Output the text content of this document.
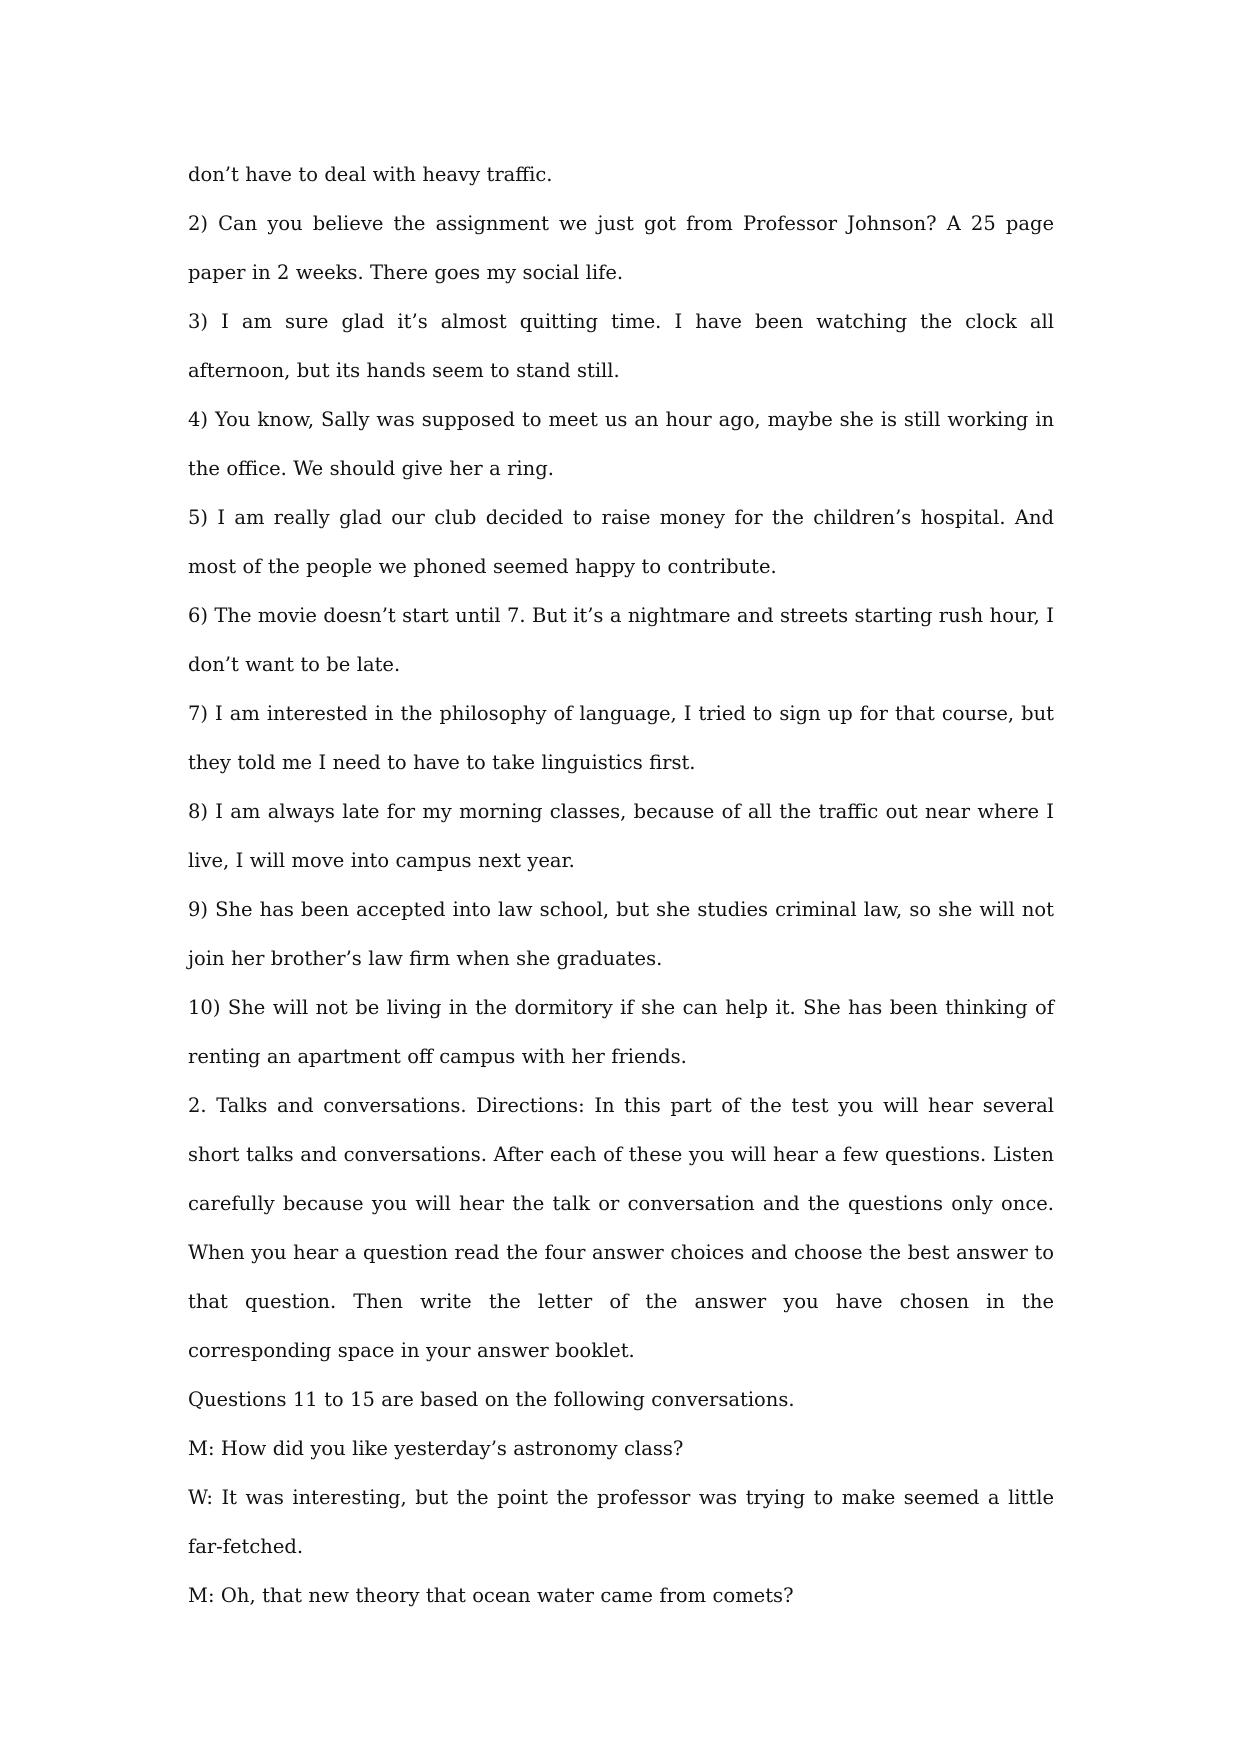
don’t have to deal with heavy traffic.

2) Can you believe the assignment we just got from Professor Johnson? A 25 page paper in 2 weeks. There goes my social life.

3) I am sure glad it’s almost quitting time. I have been watching the clock all afternoon, but its hands seem to stand still.

4) You know, Sally was supposed to meet us an hour ago, maybe she is still working in the office. We should give her a ring.

5) I am really glad our club decided to raise money for the children’s hospital. And most of the people we phoned seemed happy to contribute.

6) The movie doesn’t start until 7. But it’s a nightmare and streets starting rush hour, I don’t want to be late.

7) I am interested in the philosophy of language, I tried to sign up for that course, but they told me I need to have to take linguistics first.

8) I am always late for my morning classes, because of all the traffic out near where I live, I will move into campus next year.

9) She has been accepted into law school, but she studies criminal law, so she will not join her brother’s law firm when she graduates.

10) She will not be living in the dormitory if she can help it. She has been thinking of renting an apartment off campus with her friends.

2. Talks and conversations. Directions: In this part of the test you will hear several short talks and conversations. After each of these you will hear a few questions. Listen carefully because you will hear the talk or conversation and the questions only once. When you hear a question read the four answer choices and choose the best answer to that question. Then write the letter of the answer you have chosen in the corresponding space in your answer booklet.

Questions 11 to 15 are based on the following conversations.

M: How did you like yesterday’s astronomy class?

W: It was interesting, but the point the professor was trying to make seemed a little far-fetched.

M: Oh, that new theory that ocean water came from comets?
